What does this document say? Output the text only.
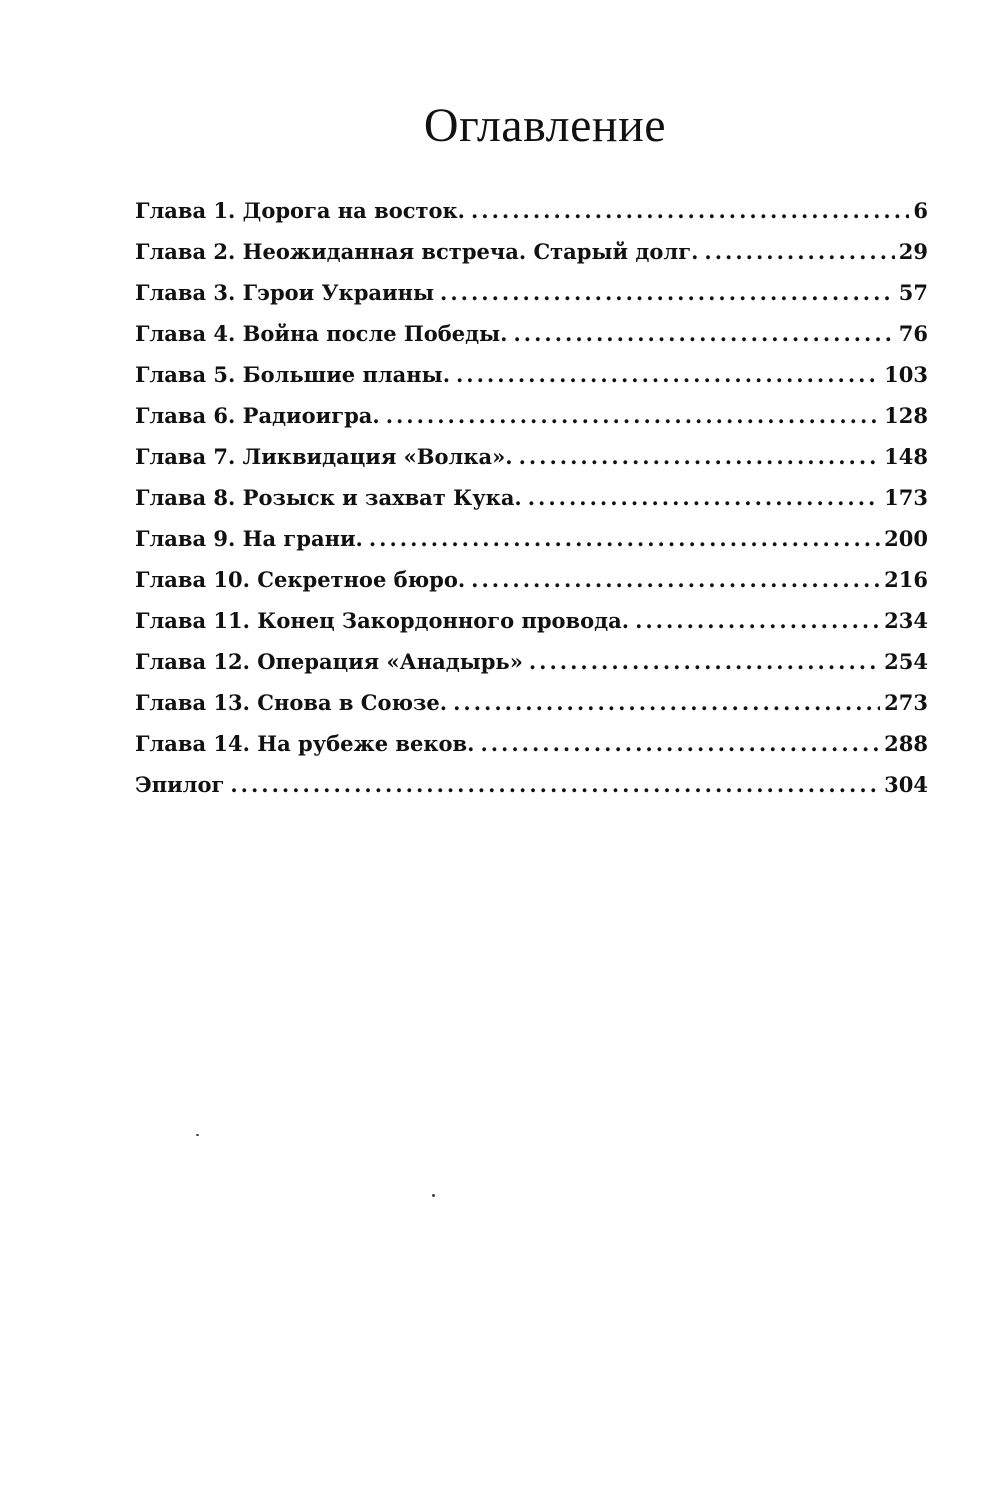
Оглавление
Глава 1. Дорога на восток. .....	6
Глава 2. Неожиданная встреча. Старый долг. .....	29
Глава 3. Гэрои Украины .....	57
Глава 4. Война после Победы. .....	76
Глава 5. Большие планы. .....	103
Глава 6. Радиоигра. .....	128
Глава 7. Ликвидация «Волка». .....	148
Глава 8. Розыск и захват Кука. .....	173
Глава 9. На грани. .....	200
Глава 10. Секретное бюро. .....	216
Глава 11. Конец Закордонного провода. .....	234
Глава 12. Операция «Анадырь» .....	254
Глава 13. Снова в Союзе. .....	273
Глава 14. На рубеже веков. .....	288
Эпилог .....	304
